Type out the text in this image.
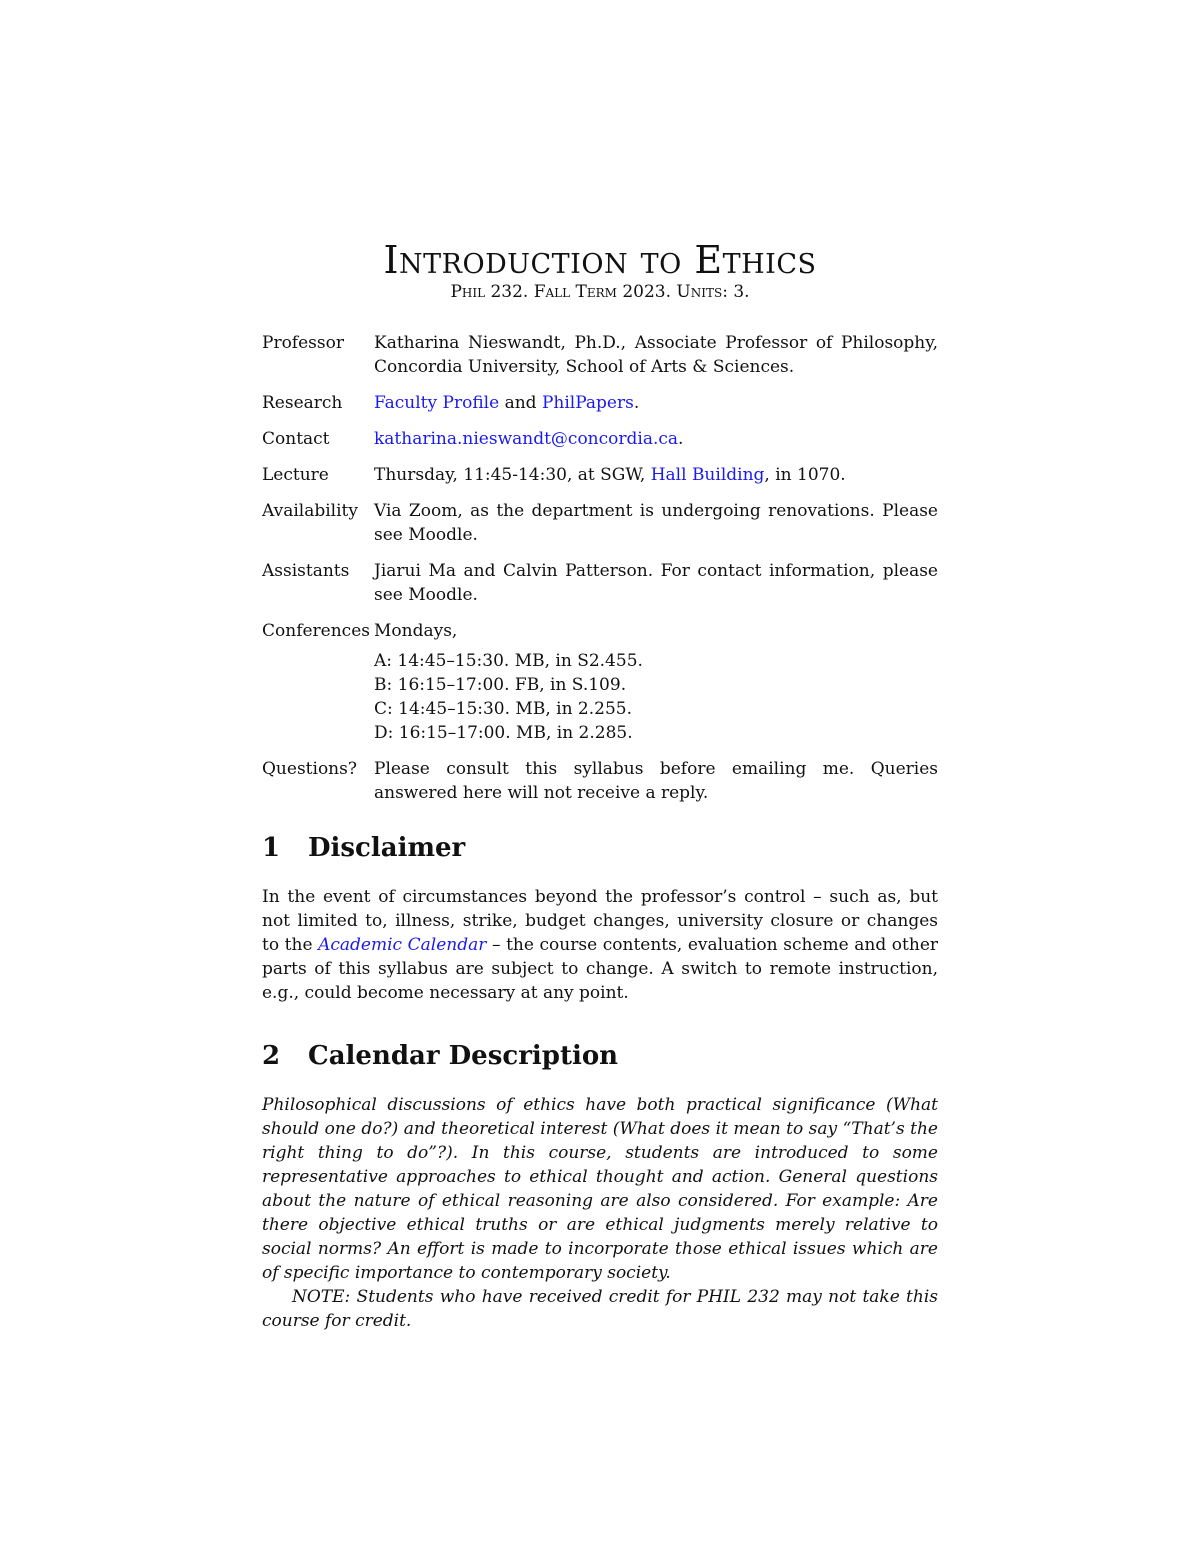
Introduction to Ethics
Phil 232. Fall Term 2023. Units: 3.
Professor	Katharina Nieswandt, Ph.D., Associate Professor of Philosophy, Concordia University, School of Arts & Sciences.
Research	Faculty Profile and PhilPapers.
Contact	katharina.nieswandt@concordia.ca.
Lecture	Thursday, 11:45-14:30, at SGW, Hall Building, in 1070.
Availability Via Zoom, as the department is undergoing renovations. Please see Moodle.
Assistants	Jiarui Ma and Calvin Patterson. For contact information, please see Moodle.
Conferences Mondays,
A: 14:45–15:30. MB, in S2.455.
B: 16:15–17:00. FB, in S.109.
C: 14:45–15:30. MB, in 2.255.
D: 16:15–17:00. MB, in 2.285.
Questions?	Please consult this syllabus before emailing me. Queries answered here will not receive a reply.
1 Disclaimer

In the event of circumstances beyond the professor’s control – such as, but not limited to, illness, strike, budget changes, university closure or changes to the Academic Calendar – the course contents, evaluation scheme and other parts of this syllabus are subject to change. A switch to remote instruction, e.g., could become necessary at any point.

2 Calendar Description

Philosophical discussions of ethics have both practical significance (What should one do?) and theoretical interest (What does it mean to say “That’s the right thing to do”?). In this course, students are introduced to some representative approaches to ethical thought and action. General questions about the nature of ethical reasoning are also considered. For example: Are there objective ethical truths or are ethical judgments merely relative to social norms? An effort is made to incorporate those ethical issues which are of specific importance to contemporary society.

NOTE: Students who have received credit for PHIL 232 may not take this course for credit.
